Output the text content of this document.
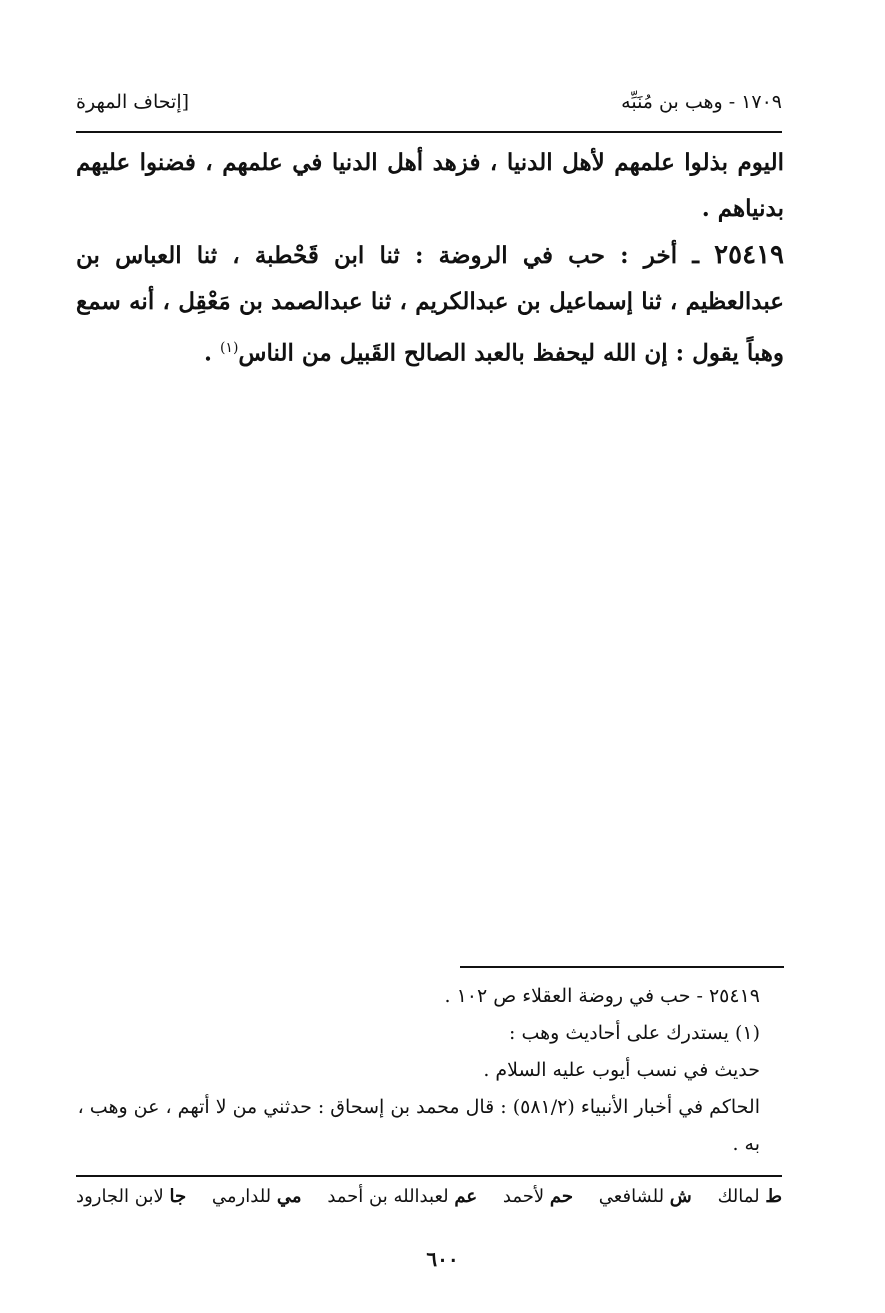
١٧٠٩ - وهب بن مُنَبِّه
[إتحاف المهرة

اليوم بذلوا علمهم لأهل الدنيا ، فزهد أهل الدنيا في علمهم ، فضنوا عليهم بدنياهم .

٢٥٤١٩ ـ أخر : حب في الروضة : ثنا ابن قَحْطبة ، ثنا العباس بن عبدالعظيم ، ثنا إسماعيل بن عبدالكريم ، ثنا عبدالصمد بن مَعْقِل ، أنه سمع وهباً يقول : إن الله ليحفظ بالعبد الصالح القَبيل من الناس$^{(١)}$ .

٢٥٤١٩ - حب في روضة العقلاء ص ١٠٢ .

(١) يستدرك على أحاديث وهب :

حديث في نسب أيوب عليه السلام .

الحاكم في أخبار الأنبياء (٥٨١/٢) : قال محمد بن إسحاق : حدثني من لا أتهم ، عن وهب ، به .

ط لمالك
ش للشافعي
حم لأحمد
عم لعبدالله بن أحمد
مي للدارمي
جا لابن الجارود
٦٠٠
